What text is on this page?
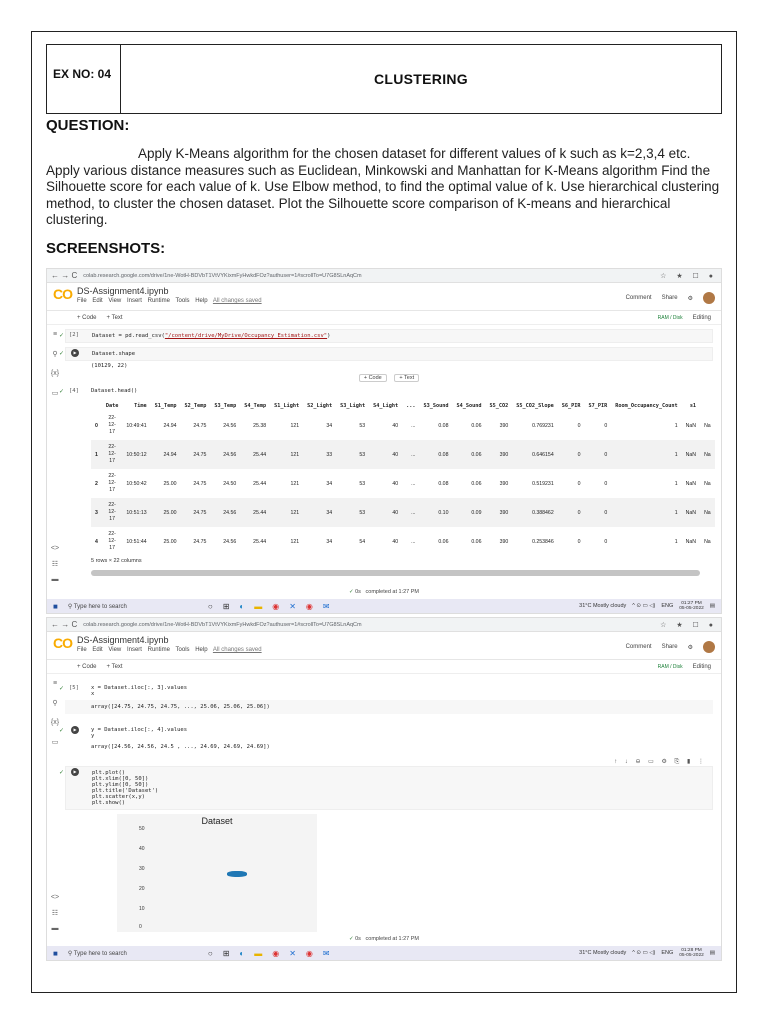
EX NO: 04	CLUSTERING
QUESTION:
Apply K-Means algorithm for the chosen dataset for different values of k such as k=2,3,4 etc. Apply various distance measures such as Euclidean, Minkowski and Manhattan for K-Means algorithm Find the Silhouette score for each value of k. Use Elbow method, to find the optimal value of k. Use hierarchical clustering method, to cluster the chosen dataset. Plot the Silhouette score comparison of K-means and hierarchical clustering.
SCREENSHOTS:
← → C colab.research.google.com/drive/1ne-WotH-BDVbT1VtVYKixmFyHwkdFOz?authuser=1#scrollTo=U7G8SLnAqCm	☆ ★ ☐ ●
CO DS-Assignment4.ipynb
File Edit View Insert Runtime Tools Help All changes saved	Comment Share ⚙
+ Code + Text	RAM / Disk Editing
≡
⚲
{x}
▭
<>
☷
▬
✓ [2]	Dataset = pd.read_csv("/content/drive/MyDrive/Occupancy_Estimation.csv")
✓	▶	Dataset.shape
(10129, 22)
+ Code	+ Text
✓ [4]	Dataset.head()
	Date	Time	S1_Temp	S2_Temp	S3_Temp	S4_Temp	S1_Light	S2_Light	S3_Light	S4_Light	...	S3_Sound	S4_Sound	S5_CO2	S5_CO2_Slope	S6_PIR	S7_PIR	Room_Occupancy_Count	s1	
0	22-
12-
17	10:49:41	24.94	24.75	24.56	25.38	121	34	53	40	...	0.08	0.06	390	0.769231	0	0	1	NaN	Na
1	22-
12-
17	10:50:12	24.94	24.75	24.56	25.44	121	33	53	40	...	0.08	0.06	390	0.646154	0	0	1	NaN	Na
2	22-
12-
17	10:50:42	25.00	24.75	24.50	25.44	121	34	53	40	...	0.08	0.06	390	0.519231	0	0	1	NaN	Na
3	22-
12-
17	10:51:13	25.00	24.75	24.56	25.44	121	34	53	40	...	0.10	0.09	390	0.388462	0	0	1	NaN	Na
4	22-
12-
17	10:51:44	25.00	24.75	24.56	25.44	121	34	54	40	...	0.06	0.06	390	0.253846	0	0	1	NaN	Na
5 rows × 22 columns
✓ 0s completed at 1:27 PM
■ ⚲ Type here to search	○ ⊞ ◐ ▬ ◉ ✕ ◉ ✉	31°C Mostly cloudy ^ ⊙ ▭ ◁) ENG	01:27 PM
05-05-2022 ▤
← → C colab.research.google.com/drive/1ne-WotH-BDVbT1VtVYKixmFyHwkdFOz?authuser=1#scrollTo=U7G8SLnAqCm	☆ ★ ☐ ●
CO DS-Assignment4.ipynb
File Edit View Insert Runtime Tools Help All changes saved	Comment Share ⚙
+ Code + Text	RAM / Disk Editing
≡
⚲
{x}
▭
<>
☷
▬
✓ [5]	x = Dataset.iloc[:, 3].values
x
array([24.75, 24.75, 24.75, ..., 25.06, 25.06, 25.06])
✓	▶	y = Dataset.iloc[:, 4].values
y
array([24.56, 24.56, 24.5 , ..., 24.69, 24.69, 24.69])
↑ ↓ ⊖ ▭ ⚙ ⎘ ▮ ⋮
✓	▶	plt.plot()
plt.xlim([0, 50])
plt.ylim([0, 50])
plt.title('Dataset')
plt.scatter(x,y)
plt.show()
Dataset
50
40
30
20
10
0
✓ 0s completed at 1:27 PM
■ ⚲ Type here to search	○ ⊞ ◐ ▬ ◉ ✕ ◉ ✉	31°C Mostly cloudy ^ ⊙ ▭ ◁) ENG	01:28 PM
05-05-2022 ▤
